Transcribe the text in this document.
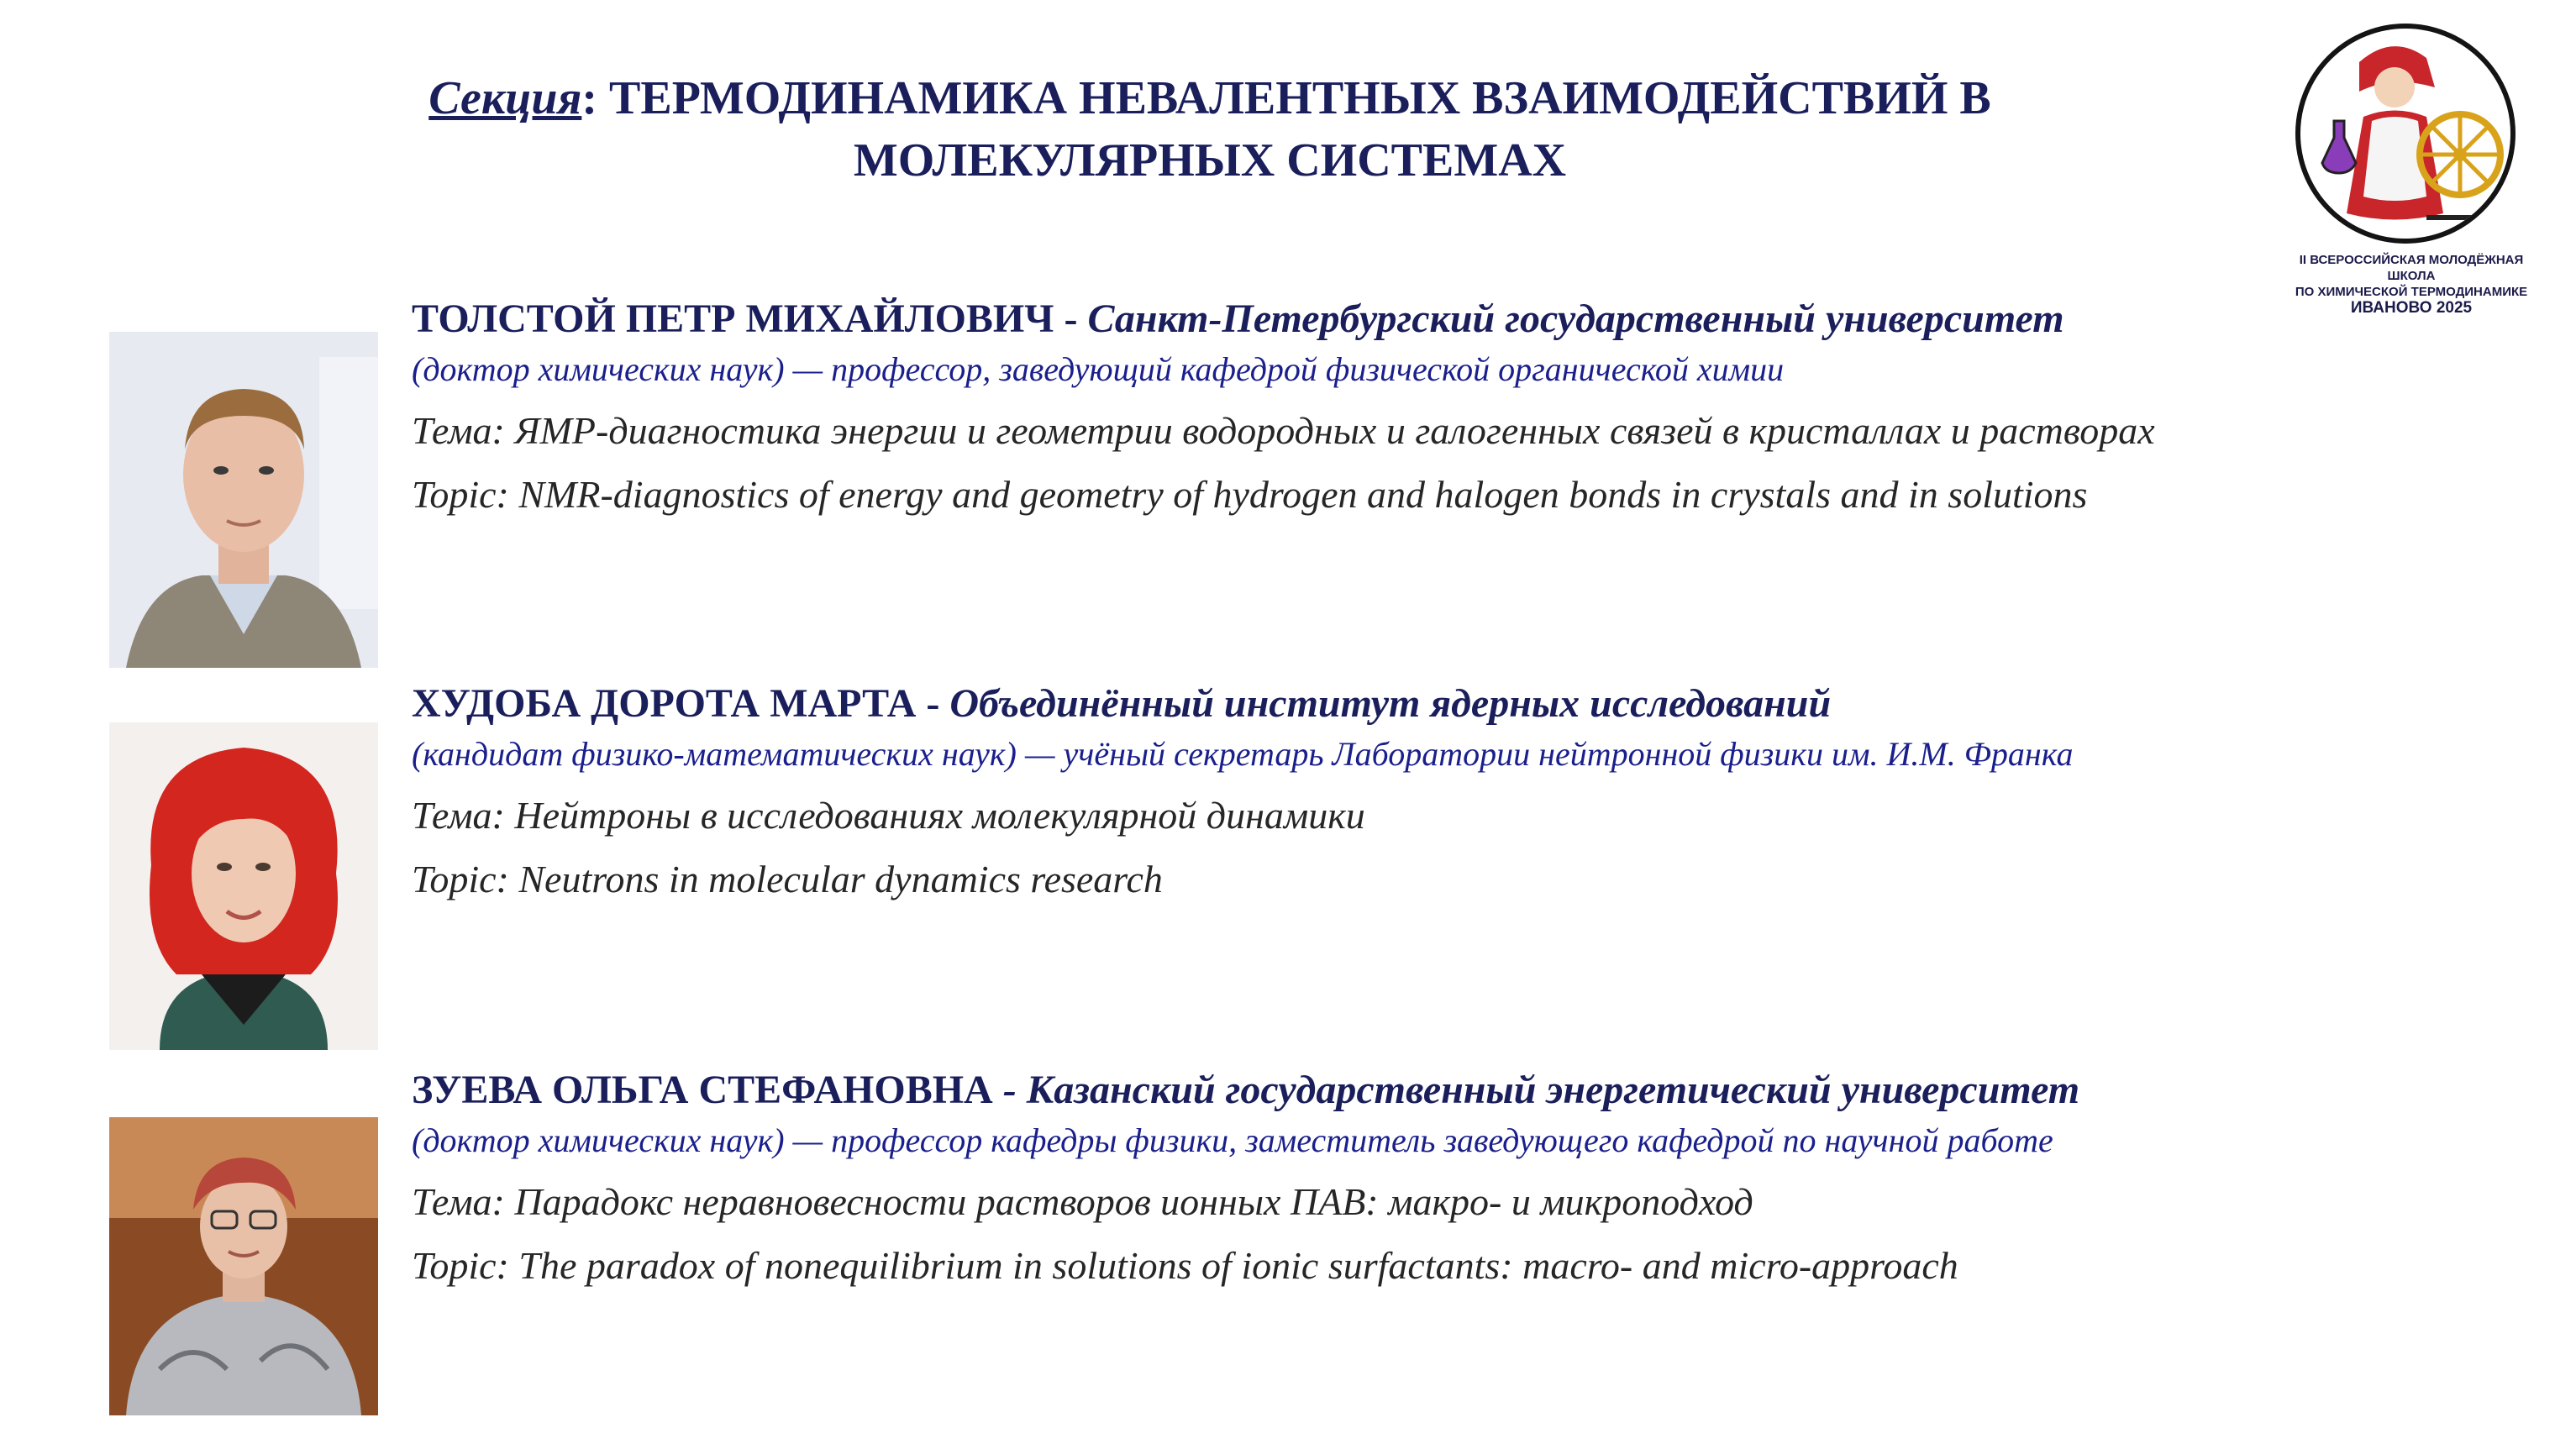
Секция: ТЕРМОДИНАМИКА НЕВАЛЕНТНЫХ ВЗАИМОДЕЙСТВИЙ В
МОЛЕКУЛЯРНЫХ СИСТЕМАХ
II ВСЕРОССИЙСКАЯ МОЛОДЁЖНАЯ ШКОЛА
ПО ХИМИЧЕСКОЙ ТЕРМОДИНАМИКЕ
ИВАНОВО 2025
ТОЛСТОЙ ПЕТР МИХАЙЛОВИЧ - Санкт-Петербургский государственный университет
(доктор химических наук) — профессор, заведующий кафедрой физической органической химии
Тема: ЯМР-диагностика энергии и геометрии водородных и галогенных связей в кристаллах и растворах
Topic: NMR-diagnostics of energy and geometry of hydrogen and halogen bonds in crystals and in solutions
ХУДОБА ДОРОТА МАРТА - Объединённый институт ядерных исследований
(кандидат физико-математических наук) — учёный секретарь Лаборатории нейтронной физики им. И.М. Франка
Тема: Нейтроны в исследованиях молекулярной динамики
Topic: Neutrons in molecular dynamics research
ЗУЕВА ОЛЬГА СТЕФАНОВНА - Казанский государственный энергетический университет
(доктор химических наук) — профессор кафедры физики, заместитель заведующего кафедрой по научной работе
Тема: Парадокс неравновесности растворов ионных ПАВ: макро- и микроподход
Topic: The paradox of nonequilibrium in solutions of ionic surfactants: macro- and micro-approach
